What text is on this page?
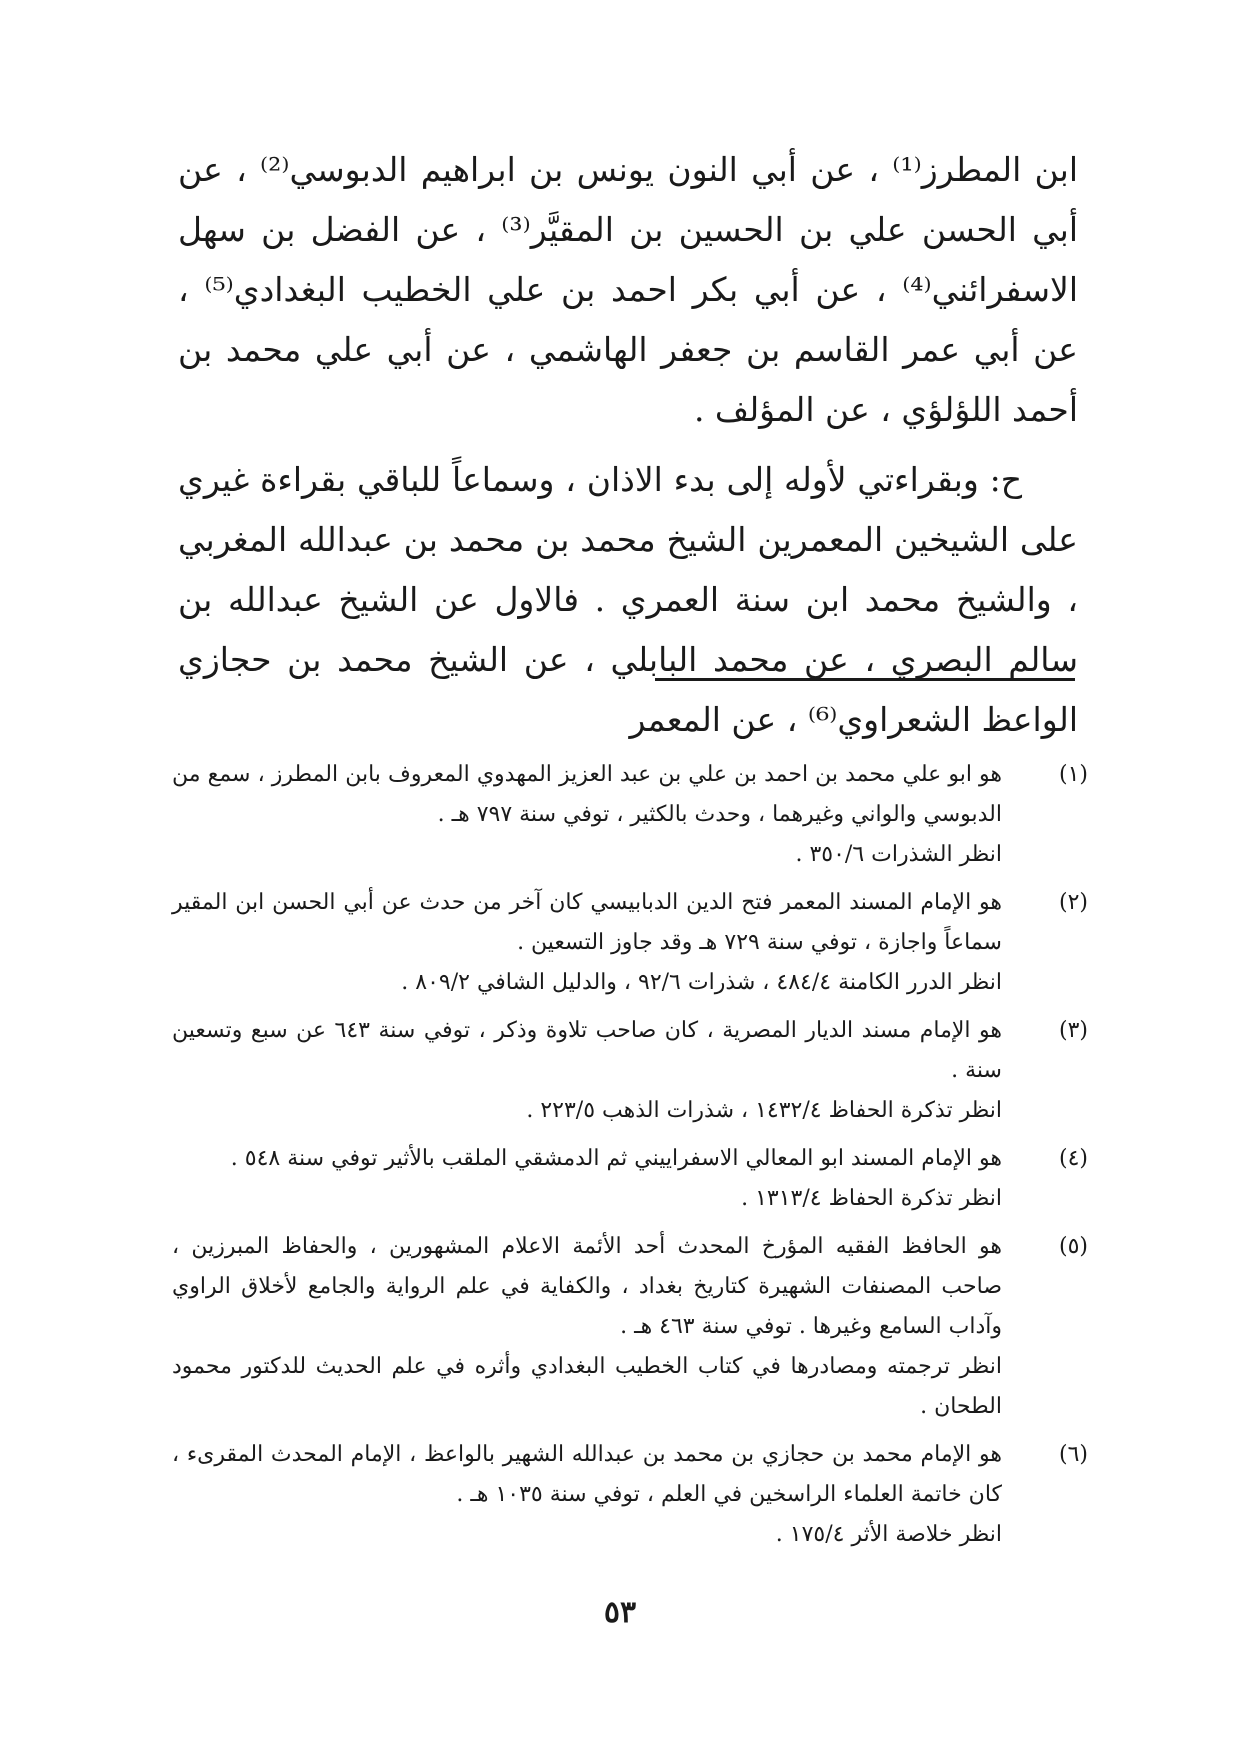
ابن المطرز⁽¹⁾ ، عن أبي النون يونس بن ابراهيم الدبوسي⁽²⁾ ، عن أبي الحسن علي بن الحسين بن المقيَّر⁽³⁾ ، عن الفضل بن سهل الاسفرائني⁽⁴⁾ ، عن أبي بكر احمد بن علي الخطيب البغدادي⁽⁵⁾ ، عن أبي عمر القاسم بن جعفر الهاشمي ، عن أبي علي محمد بن أحمد اللؤلؤي ، عن المؤلف .

ح: وبقراءتي لأوله إلى بدء الاذان ، وسماعاً للباقي بقراءة غيري على الشيخين المعمرين الشيخ محمد بن محمد بن عبدالله المغربي ، والشيخ محمد ابن سنة العمري . فالاول عن الشيخ عبدالله بن سالم البصري ، عن محمد البابلي ، عن الشيخ محمد بن حجازي الواعظ الشعراوي⁽⁶⁾ ، عن المعمر

(١)
هو ابو علي محمد بن احمد بن علي بن عبد العزيز المهدوي المعروف بابن المطرز ، سمع من الدبوسي والواني وغيرهما ، وحدث بالكثير ، توفي سنة ٧٩٧ هـ .
انظر الشذرات ٣٥٠/٦ .
(٢)
هو الإمام المسند المعمر فتح الدين الدبابيسي كان آخر من حدث عن أبي الحسن ابن المقير سماعاً واجازة ، توفي سنة ٧٢٩ هـ وقد جاوز التسعين .
انظر الدرر الكامنة ٤٨٤/٤ ، شذرات ٩٢/٦ ، والدليل الشافي ٨٠٩/٢ .
(٣)
هو الإمام مسند الديار المصرية ، كان صاحب تلاوة وذكر ، توفي سنة ٦٤٣ عن سبع وتسعين سنة .
انظر تذكرة الحفاظ ١٤٣٢/٤ ، شذرات الذهب ٢٢٣/٥ .
(٤)
هو الإمام المسند ابو المعالي الاسفراييني ثم الدمشقي الملقب بالأثير توفي سنة ٥٤٨ .
انظر تذكرة الحفاظ ١٣١٣/٤ .
(٥)
هو الحافظ الفقيه المؤرخ المحدث أحد الأئمة الاعلام المشهورين ، والحفاظ المبرزين ، صاحب المصنفات الشهيرة كتاريخ بغداد ، والكفاية في علم الرواية والجامع لأخلاق الراوي وآداب السامع وغيرها . توفي سنة ٤٦٣ هـ .
انظر ترجمته ومصادرها في كتاب الخطيب البغدادي وأثره في علم الحديث للدكتور محمود الطحان .
(٦)
هو الإمام محمد بن حجازي بن محمد بن عبدالله الشهير بالواعظ ، الإمام المحدث المقرىء ، كان خاتمة العلماء الراسخين في العلم ، توفي سنة ١٠٣٥ هـ .
انظر خلاصة الأثر ١٧٥/٤ .
٥٣
